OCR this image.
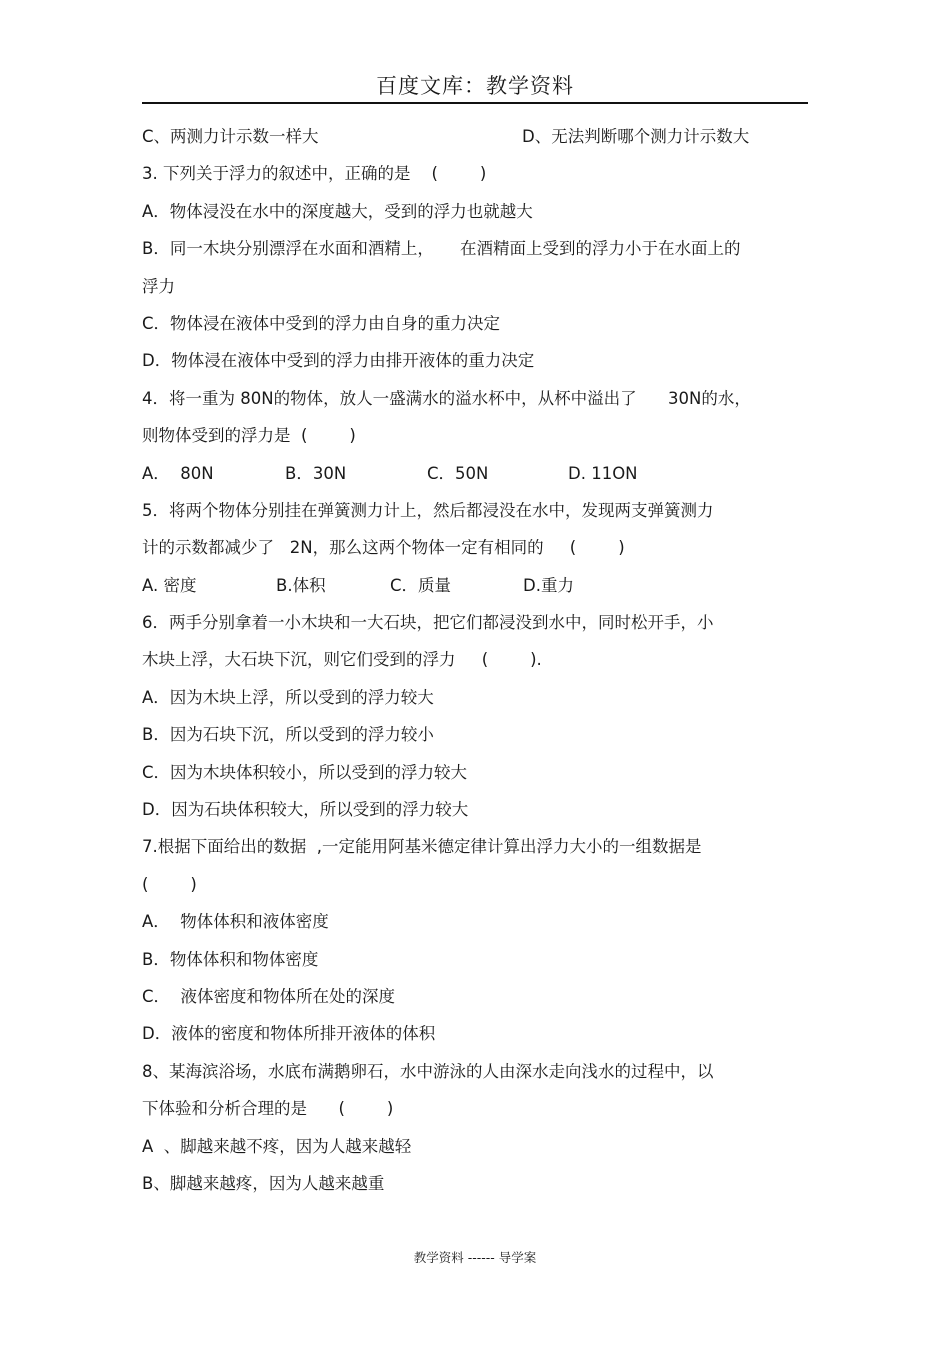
百度文库：教学资料

C、两测力计示数一样大

	D、无法判断哪个测力计示数大

3. 下列关于浮力的叙述中，正确的是    (        )
A．物体浸没在水中的深度越大，受到的浮力也就越大
B．同一木块分别漂浮在水面和酒精上，     在酒精面上受到的浮力小于在水面上的
浮力
C．物体浸在液体中受到的浮力由自身的重力决定
D．物体浸在液体中受到的浮力由排开液体的重力决定
4．将一重为 80N的物体，放人一盛满水的溢水杯中，从杯中溢出了      30N的水，
则物体受到的浮力是  (        )

A．  80N

	B．30N

	C．50N

	D. 11ON

5．将两个物体分别挂在弹簧测力计上，然后都浸没在水中，发现两支弹簧测力
计的示数都减少了   2N，那么这两个物体一定有相同的     (        )

A. 密度

	B.体积

	C．质量

	D.重力

6．两手分别拿着一小木块和一大石块，把它们都浸没到水中，同时松开手，小
木块上浮，大石块下沉，则它们受到的浮力     (        ).
A．因为木块上浮，所以受到的浮力较大
B．因为石块下沉，所以受到的浮力较小
C．因为木块体积较小，所以受到的浮力较大
D．因为石块体积较大，所以受到的浮力较大
7.根据下面给出的数据  ,一定能用阿基米德定律计算出浮力大小的一组数据是
(        )
A．  物体体积和液体密度
B．物体体积和物体密度
C．  液体密度和物体所在处的深度
D．液体的密度和物体所排开液体的体积
8、某海滨浴场，水底布满鹅卵石，水中游泳的人由深水走向浅水的过程中，以
下体验和分析合理的是      (        )
A  、脚越来越不疼，因为人越来越轻
B、脚越来越疼，因为人越来越重
教学资料 ------ 导学案
